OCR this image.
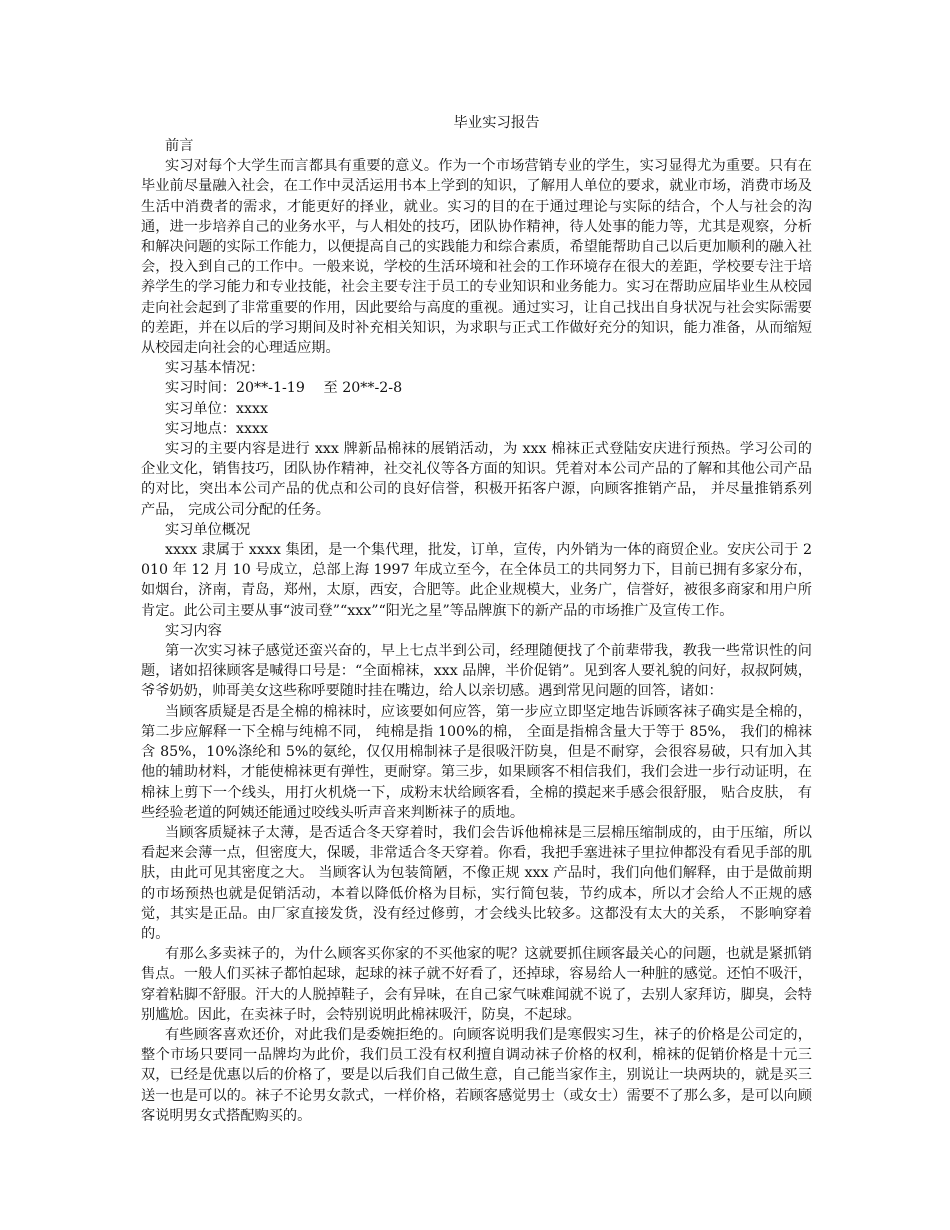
毕业实习报告
前言
实习对每个大学生而言都具有重要的意义。作为一个市场营销专业的学生，实习显得尤为重要。只有在毕业前尽量融入社会，在工作中灵活运用书本上学到的知识，了解用人单位的要求，就业市场，消费市场及生活中消费者的需求，才能更好的择业，就业。实习的目的在于通过理论与实际的结合，个人与社会的沟通，进一步培养自己的业务水平，与人相处的技巧，团队协作精神，待人处事的能力等，尤其是观察，分析和解决问题的实际工作能力，以便提高自己的实践能力和综合素质，希望能帮助自己以后更加顺利的融入社会，投入到自己的工作中。一般来说，学校的生活环境和社会的工作环境存在很大的差距，学校要专注于培养学生的学习能力和专业技能，社会主要专注于员工的专业知识和业务能力。实习在帮助应届毕业生从校园走向社会起到了非常重要的作用，因此要给与高度的重视。通过实习，让自己找出自身状况与社会实际需要的差距，并在以后的学习期间及时补充相关知识，为求职与正式工作做好充分的知识，能力准备，从而缩短从校园走向社会的心理适应期。
实习基本情况：
实习时间：20**-1-19　 至 20**-2-8
实习单位：xxxx
实习地点：xxxx
实习的主要内容是进行 xxx 牌新品棉袜的展销活动，为 xxx 棉袜正式登陆安庆进行预热。学习公司的企业文化，销售技巧，团队协作精神，社交礼仪等各方面的知识。凭着对本公司产品的了解和其他公司产品的对比，突出本公司产品的优点和公司的良好信誉，积极开拓客户源，向顾客推销产品， 并尽量推销系列产品， 完成公司分配的任务。
实习单位概况
xxxx 隶属于 xxxx 集团，是一个集代理，批发，订单，宣传，内外销为一体的商贸企业。安庆公司于 2010 年 12 月 10 号成立，总部上海 1997 年成立至今，在全体员工的共同努力下，目前已拥有多家分布，如烟台，济南，青岛，郑州，太原，西安，合肥等。此企业规模大，业务广，信誉好，被很多商家和用户所肯定。此公司主要从事“波司登”“xxx”“阳光之星”等品牌旗下的新产品的市场推广及宣传工作。
实习内容
第一次实习袜子感觉还蛮兴奋的，早上七点半到公司，经理随便找了个前辈带我，教我一些常识性的问题，诸如招徕顾客是喊得口号是：“全面棉袜，xxx 品牌，半价促销”。见到客人要礼貌的问好，叔叔阿姨， 爷爷奶奶，帅哥美女这些称呼要随时挂在嘴边，给人以亲切感。遇到常见问题的回答，诸如：
当顾客质疑是否是全棉的棉袜时，应该要如何应答，第一步应立即坚定地告诉顾客袜子确实是全棉的， 第二步应解释一下全棉与纯棉不同， 纯棉是指 100%的棉， 全面是指棉含量大于等于 85%， 我们的棉袜含 85%，10%涤纶和 5%的氨纶，仅仅用棉制袜子是很吸汗防臭，但是不耐穿，会很容易破，只有加入其他的辅助材料，才能使棉袜更有弹性，更耐穿。第三步，如果顾客不相信我们，我们会进一步行动证明，在棉袜上剪下一个线头，用打火机烧一下，成粉末状给顾客看，全棉的摸起来手感会很舒服， 贴合皮肤， 有些经验老道的阿姨还能通过咬线头听声音来判断袜子的质地。
当顾客质疑袜子太薄，是否适合冬天穿着时，我们会告诉他棉袜是三层棉压缩制成的，由于压缩，所以看起来会薄一点，但密度大，保暖，非常适合冬天穿着。你看，我把手塞进袜子里拉伸都没有看见手部的肌肤，由此可见其密度之大。 当顾客认为包装简陋，不像正规 xxx 产品时，我们向他们解释，由于是做前期的市场预热也就是促销活动，本着以降低价格为目标，实行简包装，节约成本，所以才会给人不正规的感觉，其实是正品。由厂家直接发货，没有经过修剪，才会线头比较多。这都没有太大的关系， 不影响穿着的。
有那么多卖袜子的，为什么顾客买你家的不买他家的呢？这就要抓住顾客最关心的问题，也就是紧抓销售点。一般人们买袜子都怕起球，起球的袜子就不好看了，还掉球，容易给人一种脏的感觉。还怕不吸汗，穿着粘脚不舒服。汗大的人脱掉鞋子，会有异味，在自己家气味难闻就不说了，去别人家拜访，脚臭，会特别尴尬。因此，在卖袜子时，会特别说明此棉袜吸汗，防臭，不起球。
有些顾客喜欢还价，对此我们是委婉拒绝的。向顾客说明我们是寒假实习生，袜子的价格是公司定的，整个市场只要同一品牌均为此价，我们员工没有权利擅自调动袜子价格的权利，棉袜的促销价格是十元三双，已经是优惠以后的价格了，要是以后我们自己做生意，自己能当家作主，别说让一块两块的，就是买三送一也是可以的。袜子不论男女款式，一样价格，若顾客感觉男士（或女士）需要不了那么多，是可以向顾客说明男女式搭配购买的。
